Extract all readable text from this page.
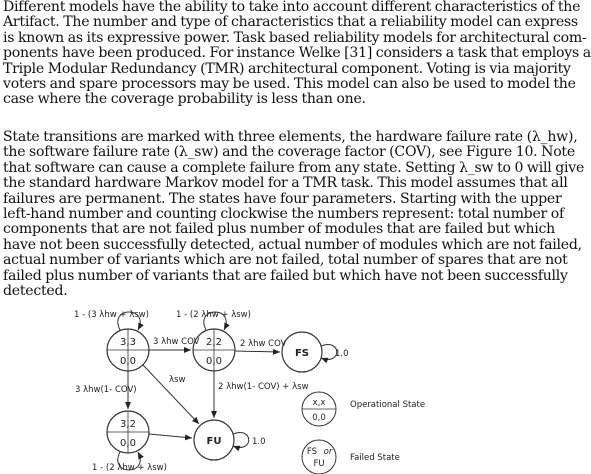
Different models have the ability to take into account different characteristics of the
Artifact. The number and type of characteristics that a reliability model can express
is known as its expressive power. Task based reliability models for architectural com-
ponents have been produced. For instance Welke [31] considers a task that employs a
Triple Modular Redundancy (TMR) architectural component. Voting is via majority
voters and spare processors may be used. This model can also be used to model the
case where the coverage probability is less than one.
State transitions are marked with three elements, the hardware failure rate (λ_hw),
the software failure rate (λ_sw) and the coverage factor (COV), see Figure 10. Note
that software can cause a complete failure from any state. Setting λ_sw to 0 will give
the standard hardware Markov model for a TMR task. This model assumes that all
failures are permanent. The states have four parameters. Starting with the upper
left-hand number and counting clockwise the numbers represent: total number of
components that are not failed plus number of modules that are failed but which
have not been successfully detected, actual number of modules which are not failed,
actual number of variants which are not failed, total number of spares that are not
failed plus number of variants that are failed but which have not been successfully
detected.
3,3
0,0
2,2
0,0
FS
3,2
0,0	FU
1 - (3 λhw + λsw)	1 - (2 λhw + λsw)
3 λhw COV	2 λhw COV
3 λhw(1- COV)
λsw
2 λhw(1- COV) + λsw
1.0
1.0
1 - (2 λhw + λsw)
x,x
0,0
Operational State
FS or
FU
Failed State
